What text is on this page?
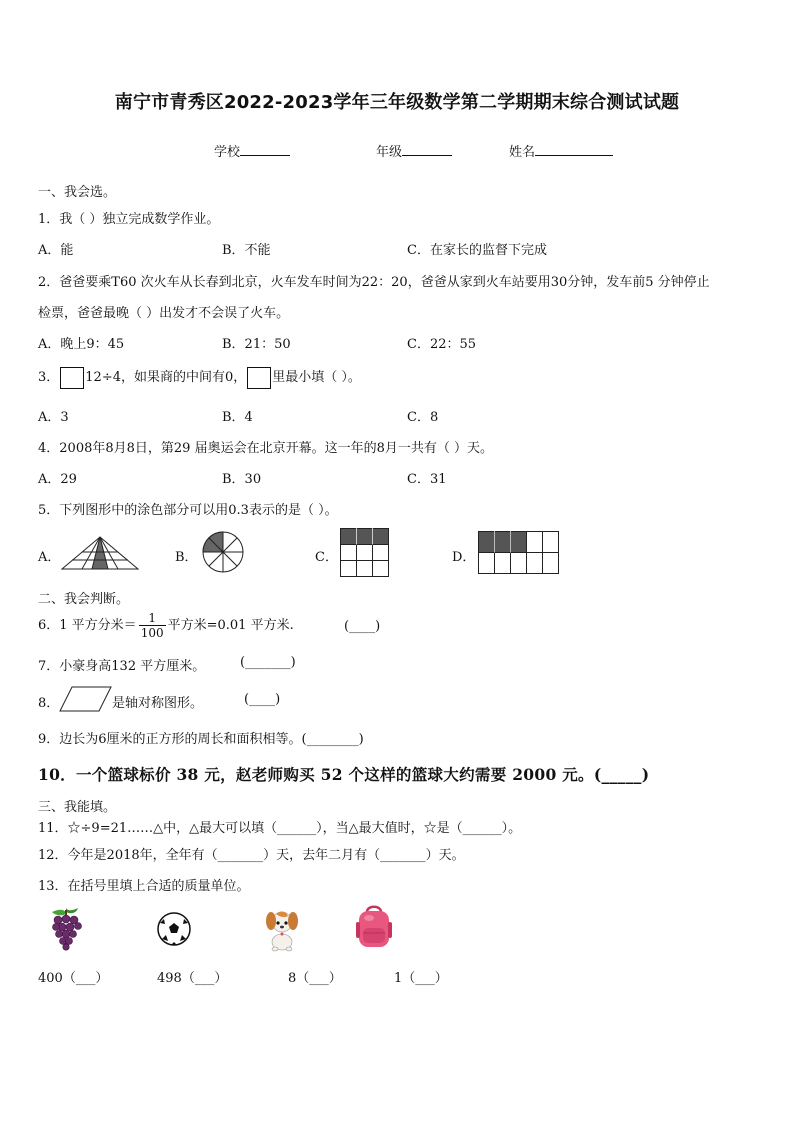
南宁市青秀区2022-2023学年三年级数学第二学期期末综合测试试题
学校	年级	姓名
一、我会选。
1．我（ ）独立完成数学作业。
A．能	B．不能	C．在家长的监督下完成
2．爸爸要乘T60 次火车从长春到北京，火车发车时间为22：20，爸爸从家到火车站要用30分钟，发车前5 分钟停止
检票，爸爸最晚（ ）出发才不会误了火车。
A．晚上9：45	B．21：50	C．22：55
3． 12÷4，如果商的中间有0， 里最小填（ ）。
A．3	B．4	C．8
4．2008年8月8日，第29 届奥运会在北京开幕。这一年的8月一共有（ ）天。
A．29	B．30	C．31
5．下列图形中的涂色部分可以用0.3表示的是（ ）。
A．	B．	C．	D．
二、我会判断。
6．1 平方分米＝ $\frac{1}{100}$ 平方米=0.01 平方米.	(____)
7．小豪身高132 平方厘米。	(_______)
8．	是轴对称图形。	(____)
9．边长为6厘米的正方形的周长和面积相等。(________)
10．一个篮球标价 38 元，赵老师购买 52 个这样的篮球大约需要 2000 元。(_____)
三、我能填。
11．☆÷9=21……△中，△最大可以填（______），当△最大值时，☆是（______）。
12．今年是2018年，全年有（_______）天，去年二月有（_______）天。
13．在括号里填上合适的质量单位。
400（___）	498（___）	8（___）	1（___）
